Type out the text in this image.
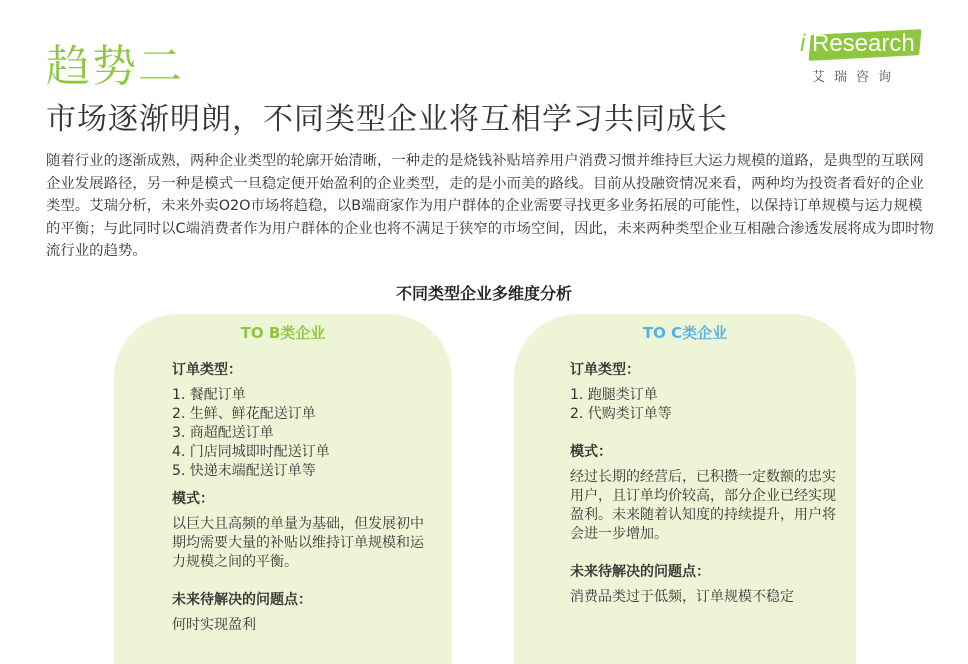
趋势二	i Research
艾瑞咨询
市场逐渐明朗，不同类型企业将互相学习共同成长

随着行业的逐渐成熟，两种企业类型的轮廓开始清晰，一种走的是烧钱补贴培养用户消费习惯并维持巨大运力规模的道路，是典型的互联网企业发展路径，另一种是模式一旦稳定便开始盈利的企业类型，走的是小而美的路线。目前从投融资情况来看，两种均为投资者看好的企业类型。艾瑞分析，未来外卖O2O市场将趋稳，以B端商家作为用户群体的企业需要寻找更多业务拓展的可能性，以保持订单规模与运力规模的平衡；与此同时以C端消费者作为用户群体的企业也将不满足于狭窄的市场空间，因此，未来两种类型企业互相融合渗透发展将成为即时物流行业的趋势。

不同类型企业多维度分析
TO B类企业
订单类型：
1. 餐配订单
2. 生鲜、鲜花配送订单
3. 商超配送订单
4. 门店同城即时配送订单
5. 快递末端配送订单等
模式：
以巨大且高频的单量为基础，但发展初中期均需要大量的补贴以维持订单规模和运力规模之间的平衡。
未来待解决的问题点：
何时实现盈利
TO C类企业
订单类型：
1. 跑腿类订单
2. 代购类订单等
模式：
经过长期的经营后，已积攒一定数额的忠实用户，且订单均价较高，部分企业已经实现盈利。未来随着认知度的持续提升，用户将会进一步增加。
未来待解决的问题点：
消费品类过于低频，订单规模不稳定
